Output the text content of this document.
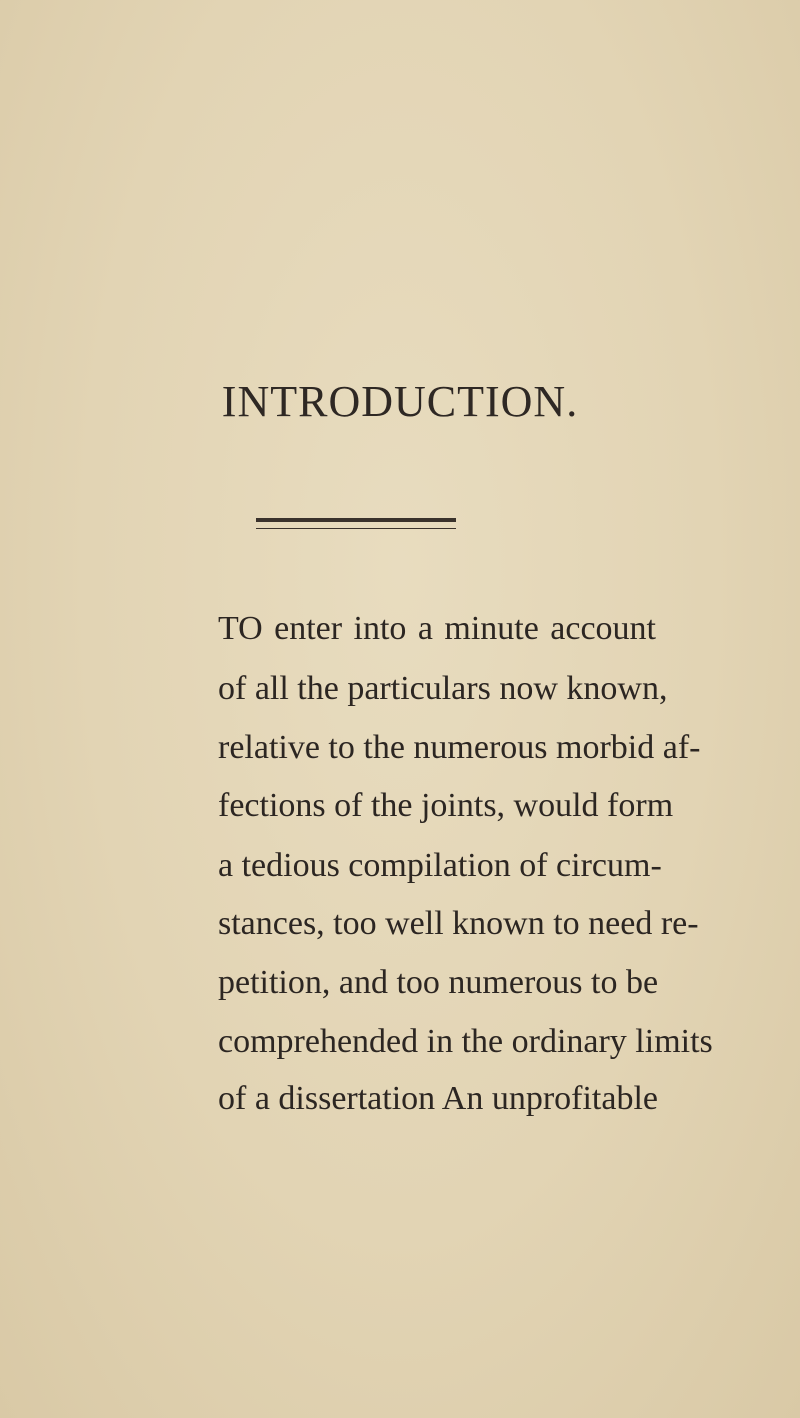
INTRODUCTION.
TO enter into a minute account
of all the particulars now known,
relative to the numerous morbid af-
fections of the joints, would form
a tedious compilation of circum-
stances, too well known to need re-
petition, and too numerous to be
comprehended in the ordinary limits
of a dissertation An unprofitable
